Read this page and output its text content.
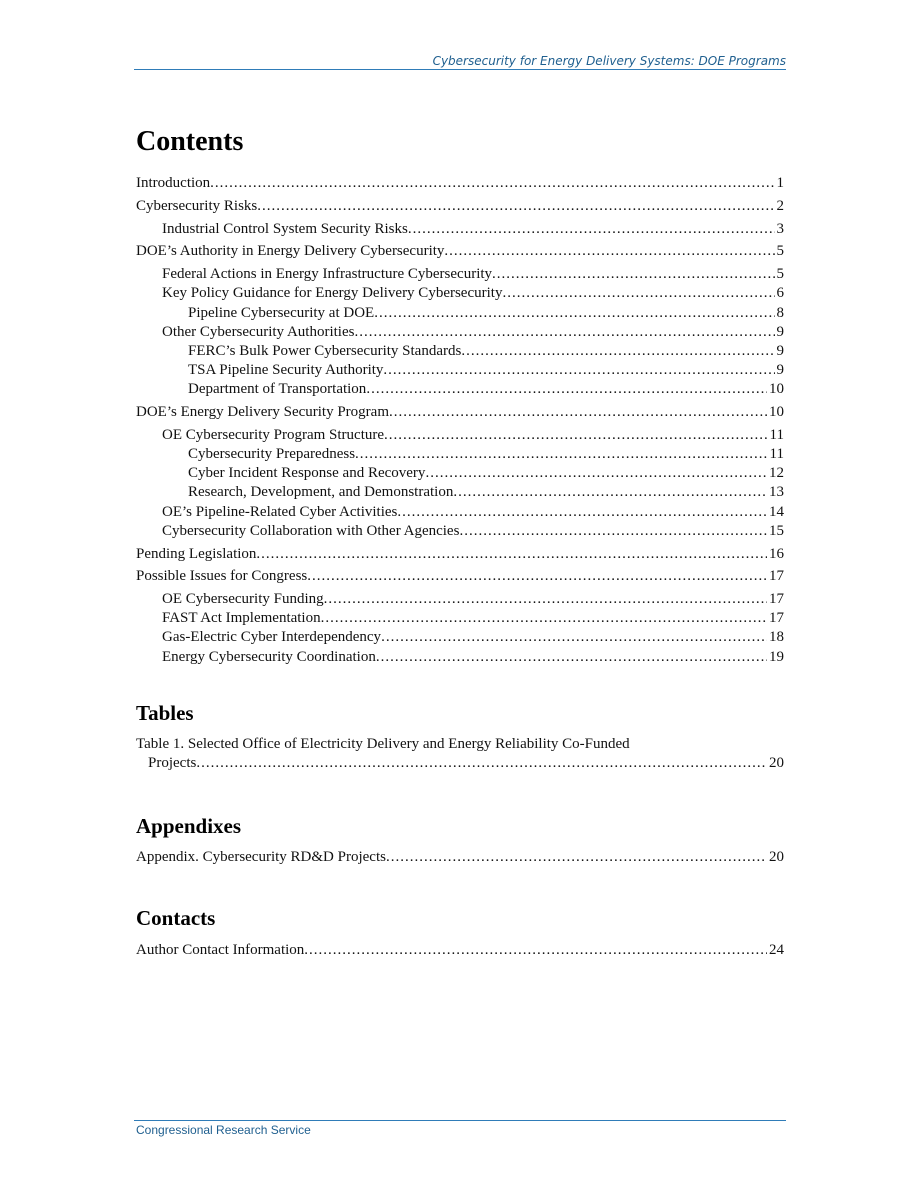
Cybersecurity for Energy Delivery Systems: DOE Programs
Contents
Introduction .....	1
Cybersecurity Risks .....	2
Industrial Control System Security Risks .....	3
DOE’s Authority in Energy Delivery Cybersecurity .....	5
Federal Actions in Energy Infrastructure Cybersecurity .....	5
Key Policy Guidance for Energy Delivery Cybersecurity .....	6
Pipeline Cybersecurity at DOE .....	8
Other Cybersecurity Authorities .....	9
FERC’s Bulk Power Cybersecurity Standards .....	9
TSA Pipeline Security Authority .....	9
Department of Transportation .....	10
DOE’s Energy Delivery Security Program .....	10
OE Cybersecurity Program Structure .....	11
Cybersecurity Preparedness .....	11
Cyber Incident Response and Recovery .....	12
Research, Development, and Demonstration .....	13
OE’s Pipeline-Related Cyber Activities .....	14
Cybersecurity Collaboration with Other Agencies .....	15
Pending Legislation .....	16
Possible Issues for Congress .....	17
OE Cybersecurity Funding .....	17
FAST Act Implementation .....	17
Gas-Electric Cyber Interdependency .....	18
Energy Cybersecurity Coordination .....	19
Tables
Table 1. Selected Office of Electricity Delivery and Energy Reliability Co-Funded
Projects .....	20
Appendixes
Appendix. Cybersecurity RD&D Projects .....	20
Contacts
Author Contact Information .....	24
Congressional Research Service
